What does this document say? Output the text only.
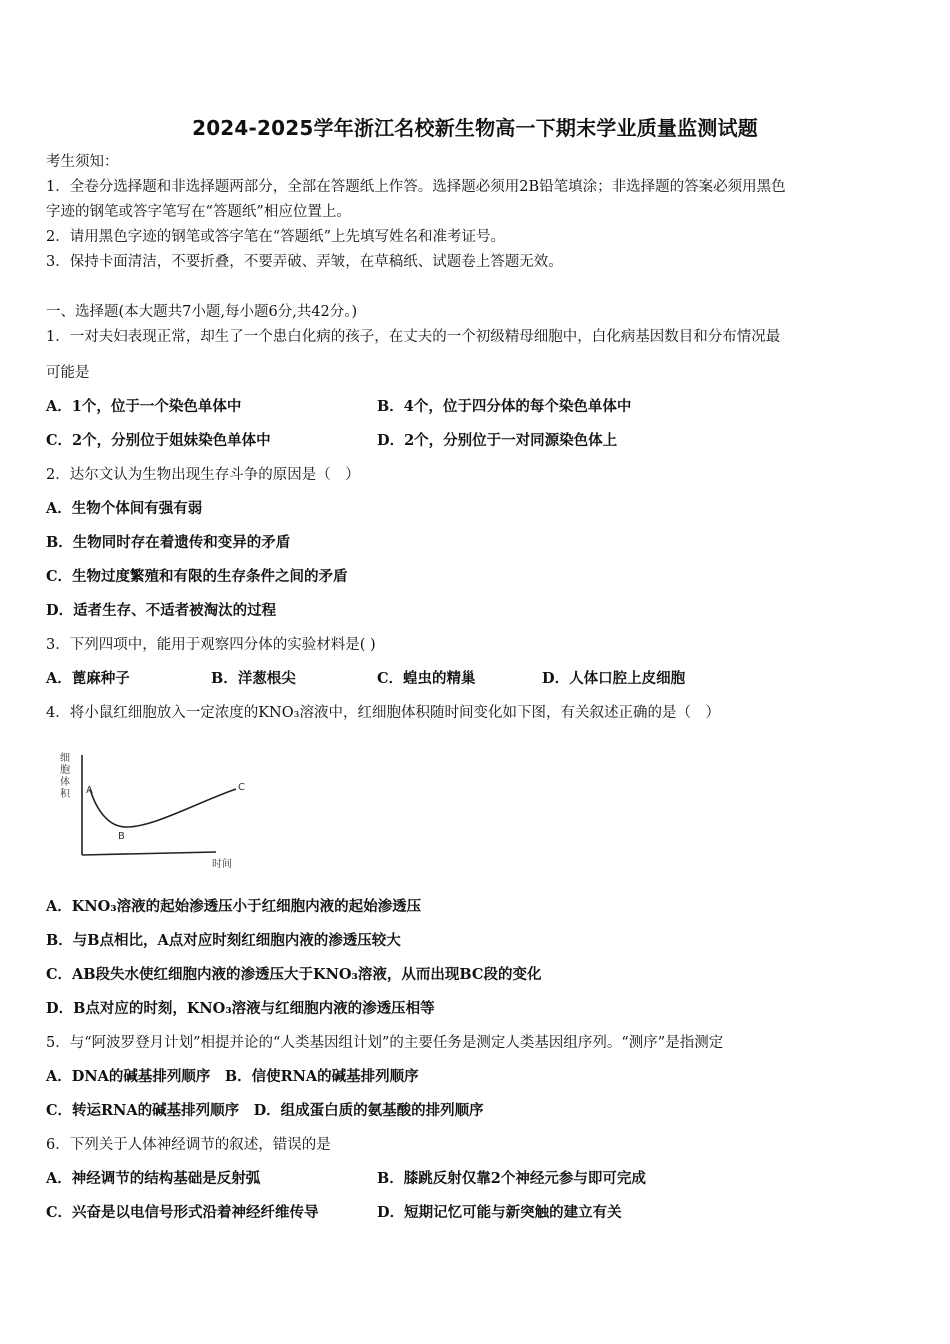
2024-2025学年浙江名校新生物高一下期末学业质量监测试题
考生须知：
1．全卷分选择题和非选择题两部分，全部在答题纸上作答。选择题必须用2B铅笔填涂；非选择题的答案必须用黑色
字迹的钢笔或答字笔写在“答题纸”相应位置上。
2．请用黑色字迹的钢笔或答字笔在“答题纸”上先填写姓名和准考证号。
3．保持卡面清洁，不要折叠，不要弄破、弄皱，在草稿纸、试题卷上答题无效。
一、选择题(本大题共7小题,每小题6分,共42分。)
1．一对夫妇表现正常，却生了一个患白化病的孩子，在丈夫的一个初级精母细胞中，白化病基因数目和分布情况最
可能是
A．1个，位于一个染色单体中	B．4个，位于四分体的每个染色单体中
C．2个，分别位于姐妹染色单体中	D．2个，分别位于一对同源染色体上
2．达尔文认为生物出现生存斗争的原因是（　）
A．生物个体间有强有弱
B．生物同时存在着遗传和变异的矛盾
C．生物过度繁殖和有限的生存条件之间的矛盾
D．适者生存、不适者被淘汰的过程
3．下列四项中，能用于观察四分体的实验材料是( )
A．蓖麻种子	B．洋葱根尖	C．蝗虫的精巢	D．人体口腔上皮细胞
4．将小鼠红细胞放入一定浓度的KNO₃溶液中，红细胞体积随时间变化如下图，有关叙述正确的是（　）
细
胞
体
积
时间
A
B
C
A．KNO₃溶液的起始渗透压小于红细胞内液的起始渗透压
B．与B点相比，A点对应时刻红细胞内液的渗透压较大
C．AB段失水使红细胞内液的渗透压大于KNO₃溶液，从而出现BC段的变化
D．B点对应的时刻，KNO₃溶液与红细胞内液的渗透压相等
5．与“阿波罗登月计划”相提并论的“人类基因组计划”的主要任务是测定人类基因组序列。“测序”是指测定
A．DNA的碱基排列顺序　B．信使RNA的碱基排列顺序
C．转运RNA的碱基排列顺序　D．组成蛋白质的氨基酸的排列顺序
6．下列关于人体神经调节的叙述，错误的是
A．神经调节的结构基础是反射弧	B．膝跳反射仅靠2个神经元参与即可完成
C．兴奋是以电信号形式沿着神经纤维传导	D．短期记忆可能与新突触的建立有关
